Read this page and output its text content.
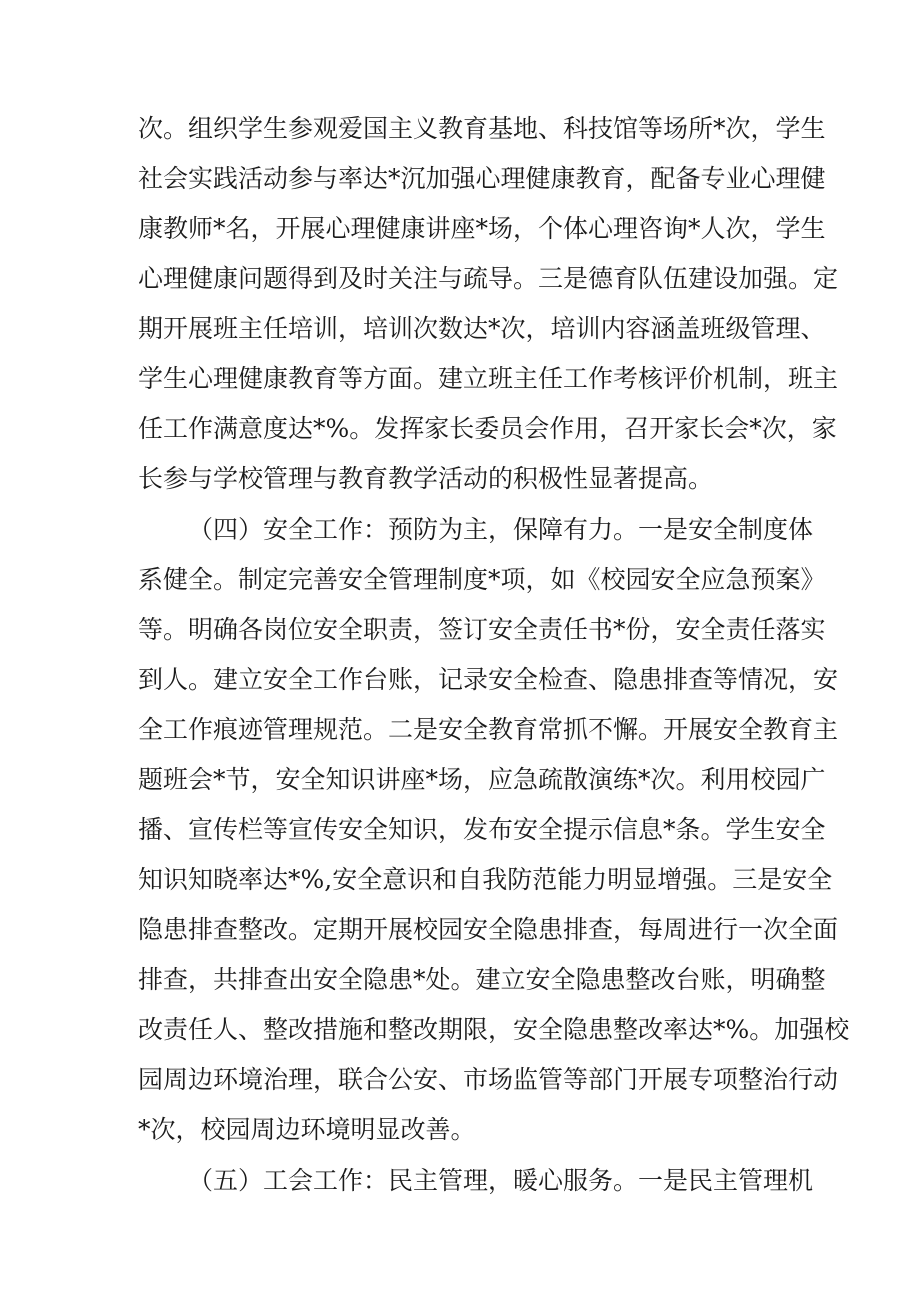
次。组织学生参观爱国主义教育基地、科技馆等场所*次，学生
社会实践活动参与率达*沉加强心理健康教育，配备专业心理健
康教师*名，开展心理健康讲座*场，个体心理咨询*人次，学生
心理健康问题得到及时关注与疏导。三是德育队伍建设加强。定
期开展班主任培训，培训次数达*次，培训内容涵盖班级管理、
学生心理健康教育等方面。建立班主任工作考核评价机制，班主
任工作满意度达*%。发挥家长委员会作用，召开家长会*次，家
长参与学校管理与教育教学活动的积极性显著提高。
（四）安全工作：预防为主，保障有力。一是安全制度体
系健全。制定完善安全管理制度*项，如《校园安全应急预案》
等。明确各岗位安全职责，签订安全责任书*份，安全责任落实
到人。建立安全工作台账，记录安全检查、隐患排查等情况，安
全工作痕迹管理规范。二是安全教育常抓不懈。开展安全教育主
题班会*节，安全知识讲座*场，应急疏散演练*次。利用校园广
播、宣传栏等宣传安全知识，发布安全提示信息*条。学生安全
知识知晓率达*%,安全意识和自我防范能力明显增强。三是安全
隐患排查整改。定期开展校园安全隐患排查，每周进行一次全面
排查，共排查出安全隐患*处。建立安全隐患整改台账，明确整
改责任人、整改措施和整改期限，安全隐患整改率达*%。加强校
园周边环境治理，联合公安、市场监管等部门开展专项整治行动
*次，校园周边环境明显改善。
（五）工会工作：民主管理，暖心服务。一是民主管理机
